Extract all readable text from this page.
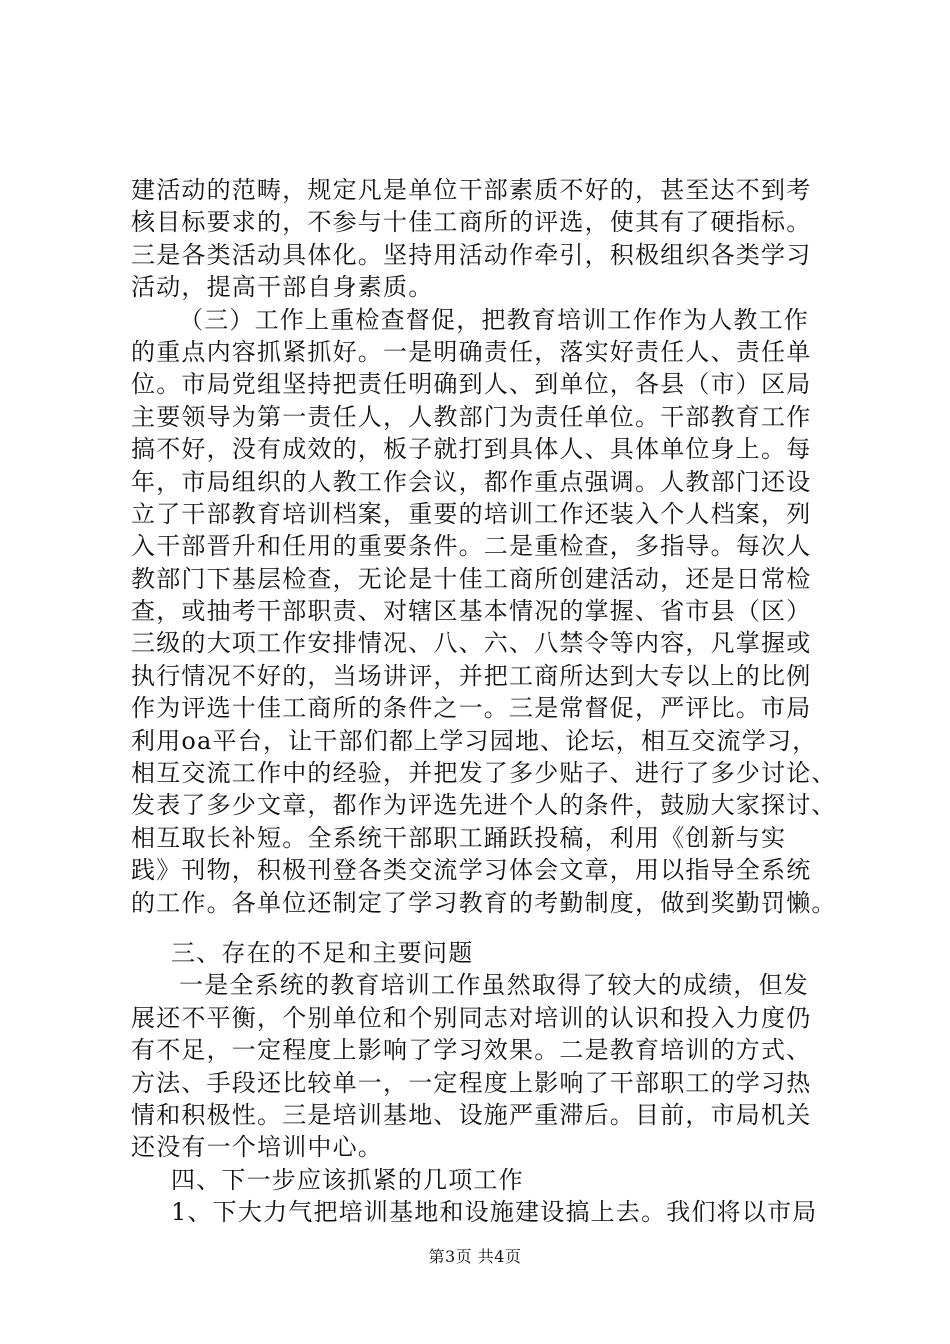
建活动的范畴，规定凡是单位干部素质不好的，甚至达不到考
核目标要求的，不参与十佳工商所的评选，使其有了硬指标。
三是各类活动具体化。坚持用活动作牵引，积极组织各类学习
活动，提高干部自身素质。
（三）工作上重检查督促，把教育培训工作作为人教工作
的重点内容抓紧抓好。一是明确责任，落实好责任人、责任单
位。市局党组坚持把责任明确到人、到单位，各县（市）区局
主要领导为第一责任人，人教部门为责任单位。干部教育工作
搞不好，没有成效的，板子就打到具体人、具体单位身上。每
年，市局组织的人教工作会议，都作重点强调。人教部门还设
立了干部教育培训档案，重要的培训工作还装入个人档案，列
入干部晋升和任用的重要条件。二是重检查，多指导。每次人
教部门下基层检查，无论是十佳工商所创建活动，还是日常检
查，或抽考干部职责、对辖区基本情况的掌握、省市县（区）
三级的大项工作安排情况、八、六、八禁令等内容，凡掌握或
执行情况不好的，当场讲评，并把工商所达到大专以上的比例
作为评选十佳工商所的条件之一。三是常督促，严评比。市局
利用oa平台，让干部们都上学习园地、论坛，相互交流学习，
相互交流工作中的经验，并把发了多少贴子、进行了多少讨论、
发表了多少文章，都作为评选先进个人的条件，鼓励大家探讨、
相互取长补短。全系统干部职工踊跃投稿，利用《创新与实
践》刊物，积极刊登各类交流学习体会文章，用以指导全系统
的工作。各单位还制定了学习教育的考勤制度，做到奖勤罚懒。
三、存在的不足和主要问题
一是全系统的教育培训工作虽然取得了较大的成绩，但发
展还不平衡，个别单位和个别同志对培训的认识和投入力度仍
有不足，一定程度上影响了学习效果。二是教育培训的方式、
方法、手段还比较单一，一定程度上影响了干部职工的学习热
情和积极性。三是培训基地、设施严重滞后。目前，市局机关
还没有一个培训中心。
四、下一步应该抓紧的几项工作
1、下大力气把培训基地和设施建设搞上去。我们将以市局
第3页 共4页
